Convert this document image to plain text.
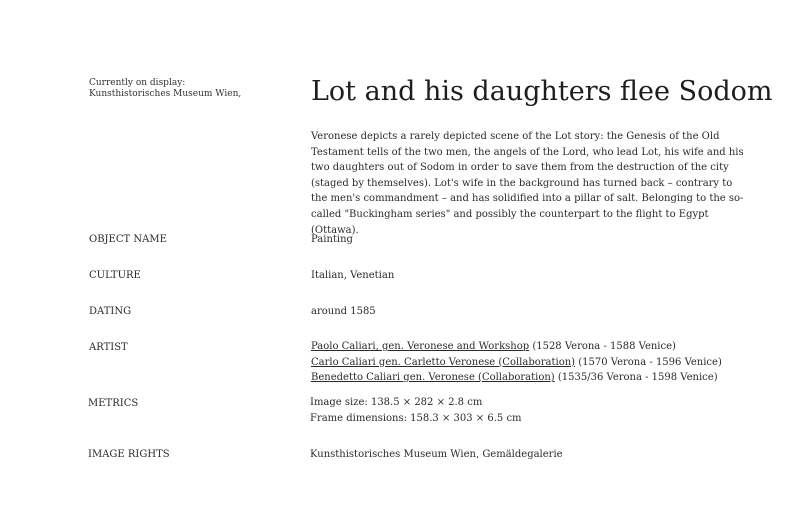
Currently on display:
Kunsthistorisches Museum Wien,	Lot and his daughters flee Sodom
Veronese depicts a rarely depicted scene of the Lot story: the Genesis of the Old Testament tells of the two men, the angels of the Lord, who lead Lot, his wife and his two daughters out of Sodom in order to save them from the destruction of the city (staged by themselves). Lot's wife in the background has turned back – contrary to the men's commandment – and has solidified into a pillar of salt. Belonging to the so-called "Buckingham series" and possibly the counterpart to the flight to Egypt (Ottawa).
OBJECT NAME	Painting
CULTURE	Italian, Venetian
DATING	around 1585
ARTIST	Paolo Caliari, gen. Veronese and Workshop (1528 Verona - 1588 Venice)
Carlo Caliari gen. Carletto Veronese (Collaboration) (1570 Verona - 1596 Venice)
Benedetto Caliari gen. Veronese (Collaboration) (1535/36 Verona - 1598 Venice)
METRICS	Image size: 138.5 × 282 × 2.8 cm
Frame dimensions: 158.3 × 303 × 6.5 cm
IMAGE RIGHTS	Kunsthistorisches Museum Wien, Gemäldegalerie
